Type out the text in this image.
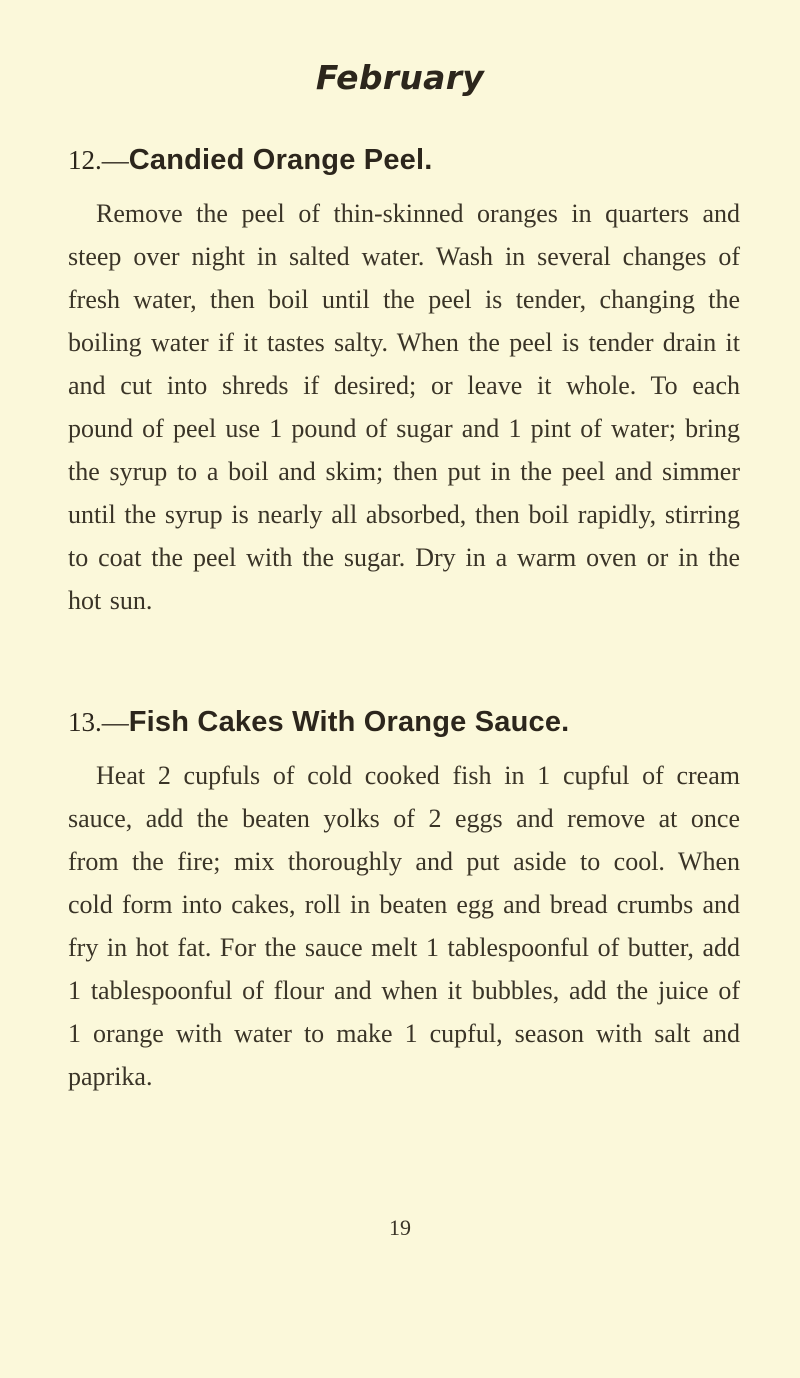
February
12.—Candied Orange Peel.

Remove the peel of thin-skinned oranges in quarters and steep over night in salted water. Wash in several changes of fresh water, then boil until the peel is tender, changing the boiling water if it tastes salty. When the peel is tender drain it and cut into shreds if desired; or leave it whole. To each pound of peel use 1 pound of sugar and 1 pint of water; bring the syrup to a boil and skim; then put in the peel and simmer until the syrup is nearly all absorbed, then boil rapidly, stirring to coat the peel with the sugar. Dry in a warm oven or in the hot sun.

13.—Fish Cakes With Orange Sauce.

Heat 2 cupfuls of cold cooked fish in 1 cupful of cream sauce, add the beaten yolks of 2 eggs and remove at once from the fire; mix thoroughly and put aside to cool. When cold form into cakes, roll in beaten egg and bread crumbs and fry in hot fat. For the sauce melt 1 tablespoonful of butter, add 1 tablespoonful of flour and when it bubbles, add the juice of 1 orange with water to make 1 cupful, season with salt and paprika.

19
